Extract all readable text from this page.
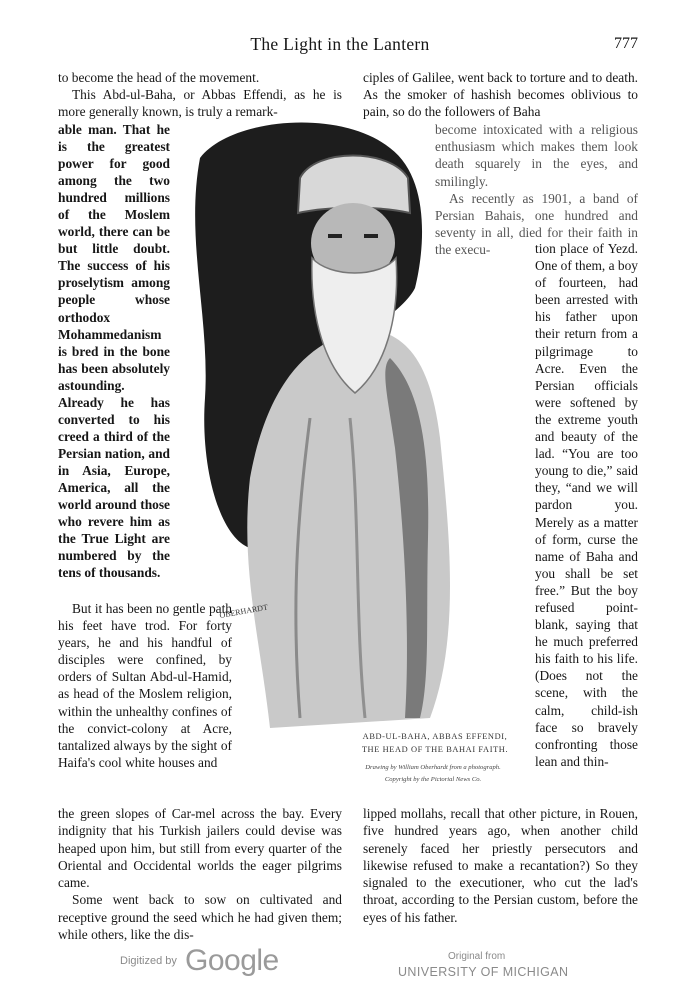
The Light in the Lantern	777

to become the head of the movement.

This Abd-ul-Baha, or Abbas Effendi, as he is more generally known, is truly a remark-

able man. That he is the greatest power for good among the two hundred millions of the Moslem world, there can be but little doubt. The success of his proselytism among people whose orthodox Mohammedanism is bred in the bone has been absolutely astounding. Already he has converted to his creed a third of the Persian nation, and in Asia, Europe, America, all the world around those who revere him as the True Light are numbered by the tens of thousands.

But it has been no gentle path his feet have trod. For forty years, he and his handful of disciples were confined, by orders of Sultan Abd-ul-Hamid, as head of the Moslem religion, within the unhealthy confines of the convict-colony at Acre, tantalized always by the sight of Haifa's cool white houses and

the green slopes of Car-mel across the bay. Every indignity that his Turkish jailers could devise was heaped upon him, but still from every quarter of the Oriental and Occidental worlds the eager pilgrims came.

Some went back to sow on cultivated and receptive ground the seed which he had given them; while others, like the dis-

ciples of Galilee, went back to torture and to death. As the smoker of hashish becomes oblivious to pain, so do the followers of Baha

become intoxicated with a religious enthusiasm which makes them look death squarely in the eyes, and smilingly.

As recently as 1901, a band of Persian Bahais, one hundred and seventy in all, died for their faith in the execu-	tion place of Yezd. One of them, a boy of fourteen, had been arrested with his father upon their return from a pilgrimage to Acre. Even the Persian officials were softened by the extreme youth and beauty of the lad. “You are too young to die,” said they, “and we will pardon you. Merely as a matter of form, curse the name of Baha and you shall be set free.” But the boy refused point-blank, saying that he much preferred his faith to his life. (Does not the scene, with the calm, child-ish face so bravely confronting those lean and thin-
lipped mollahs, recall that other picture, in Rouen, five hundred years ago, when another child serenely faced her priestly persecutors and likewise refused to make a recantation?) So they signaled to the executioner, who cut the lad's throat, according to the Persian custom, before the eyes of his father.
OBERHARDT
ABD-UL-BAHA, ABBAS EFFENDI,
THE HEAD OF THE BAHAI FAITH.
Drawing by William Oberhardt from a photograph.
Copyright by the Pictorial News Co.
Digitized by Google	Original from
UNIVERSITY OF MICHIGAN
